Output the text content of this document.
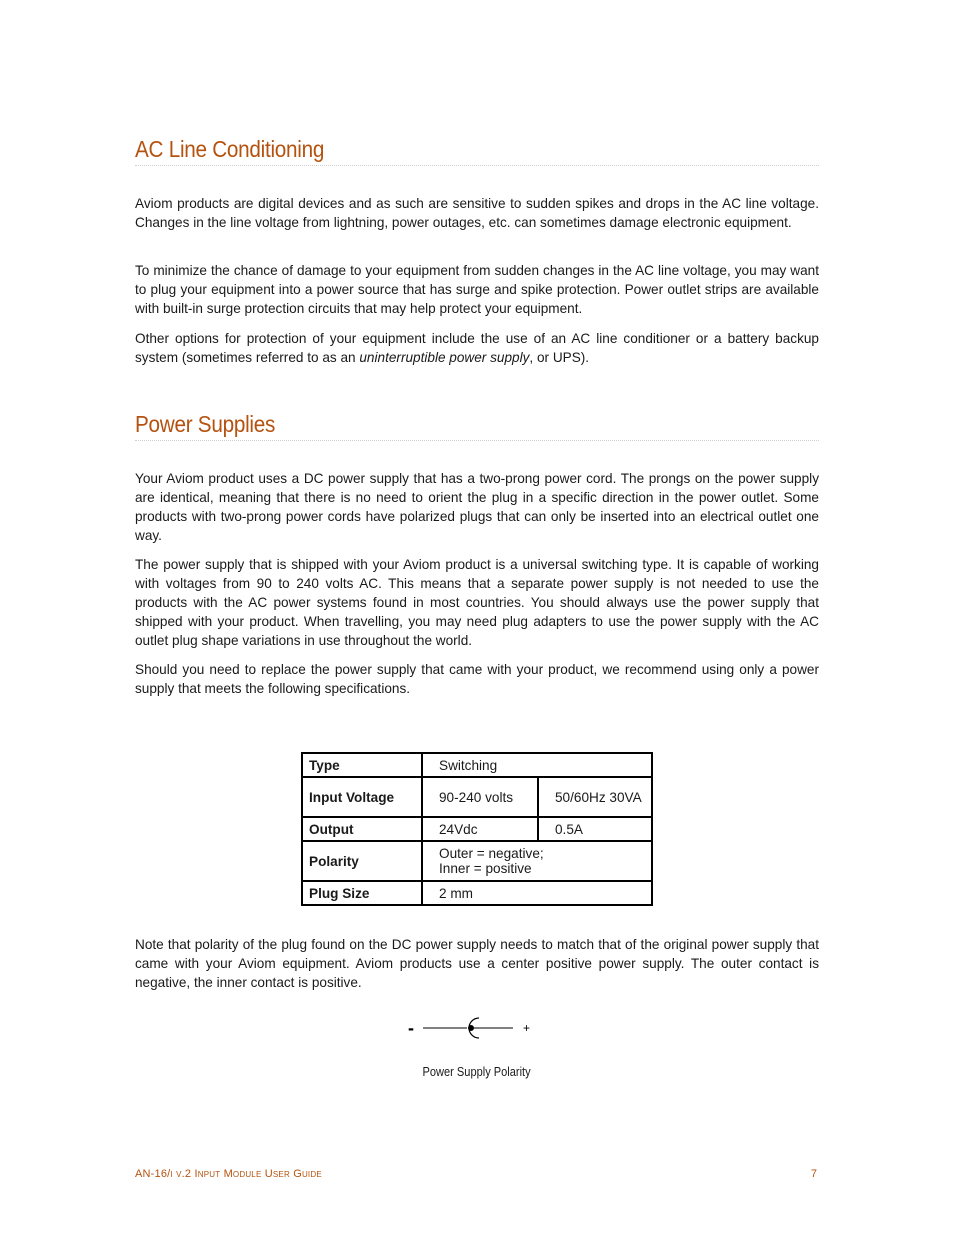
AC Line Conditioning

Aviom products are digital devices and as such are sensitive to sudden spikes and drops in the AC line voltage. Changes in the line voltage from lightning, power outages, etc. can sometimes damage electronic equipment.

To minimize the chance of damage to your equipment from sudden changes in the AC line voltage, you may want to plug your equipment into a power source that has surge and spike protection. Power outlet strips are available with built-in surge protection circuits that may help protect your equipment.

Other options for protection of your equipment include the use of an AC line conditioner or a battery backup system (sometimes referred to as an uninterruptible power supply, or UPS).

Power Supplies

Your Aviom product uses a DC power supply that has a two-prong power cord. The prongs on the power supply are identical, meaning that there is no need to orient the plug in a specific direction in the power outlet. Some products with two-prong power cords have polarized plugs that can only be inserted into an electrical outlet one way.

The power supply that is shipped with your Aviom product is a universal switching type. It is capable of working with voltages from 90 to 240 volts AC. This means that a separate power supply is not needed to use the products with the AC power systems found in most countries. You should always use the power supply that shipped with your product. When travelling, you may need plug adapters to use the power supply with the AC outlet plug shape variations in use throughout the world.

Should you need to replace the power supply that came with your product, we recommend using only a power supply that meets the following specifications.

Type	Switching	
Input Voltage	90-240 volts	50/60Hz 30VA
Output	24Vdc	0.5A
Polarity	Outer = negative; Inner = positive	
Plug Size	2 mm	

Note that polarity of the plug found on the DC power supply needs to match that of the original power supply that came with your Aviom equipment. Aviom products use a center positive power supply. The outer contact is negative, the inner contact is positive.

-	+
Power Supply Polarity
AN-16/i v.2 Input Module User Guide	7
